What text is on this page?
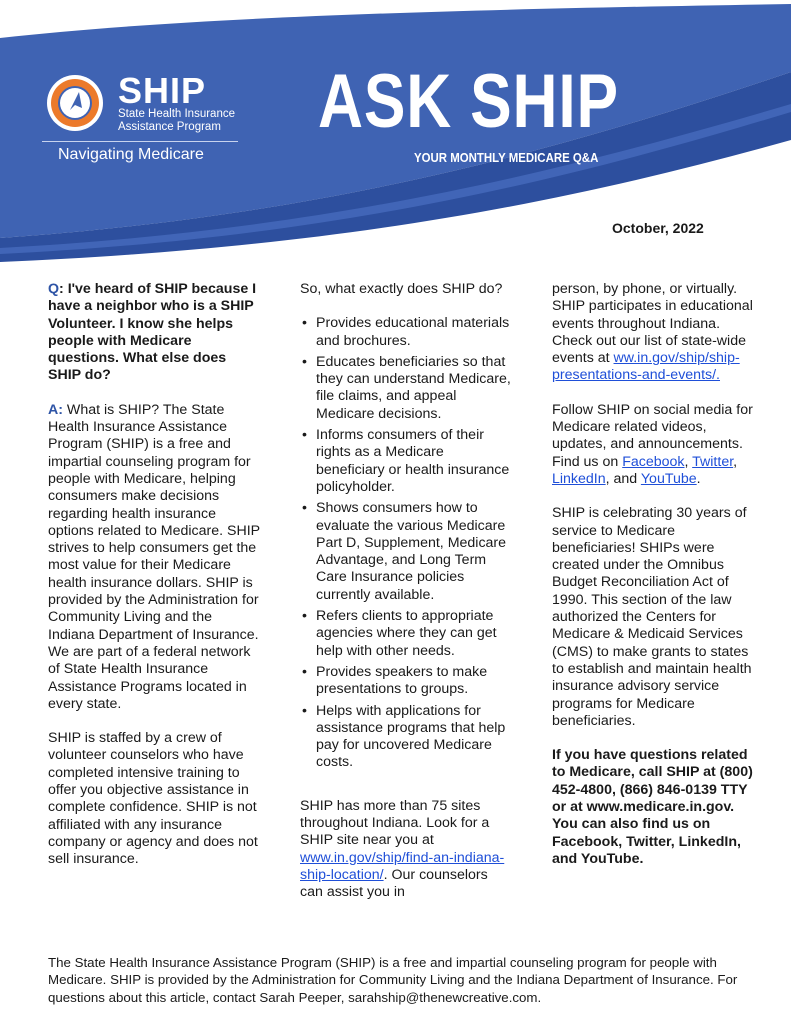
SHIP
State Health Insurance
Assistance Program
Navigating Medicare
ASK SHIP
YOUR MONTHLY MEDICARE Q&A
October, 2022

Q: I've heard of SHIP because I have a neighbor who is a SHIP Volunteer. I know she helps people with Medicare questions. What else does SHIP do?

A: What is SHIP? The State Health Insurance Assistance Program (SHIP) is a free and impartial counseling program for people with Medicare, helping consumers make decisions regarding health insurance options related to Medicare. SHIP strives to help consumers get the most value for their Medicare health insurance dollars. SHIP is provided by the Administration for Community Living and the Indiana Department of Insurance. We are part of a federal network of State Health Insurance Assistance Programs located in every state.

SHIP is staffed by a crew of volunteer counselors who have completed intensive training to offer you objective assistance in complete confidence. SHIP is not affiliated with any insurance company or agency and does not sell insurance.

So, what exactly does SHIP do?

• Provides educational materials and brochures.
• Educates beneficiaries so that they can understand Medicare, file claims, and appeal Medicare decisions.
• Informs consumers of their rights as a Medicare beneficiary or health insurance policyholder.
• Shows consumers how to evaluate the various Medicare Part D, Supplement, Medicare Advantage, and Long Term Care Insurance policies currently available.
• Refers clients to appropriate agencies where they can get help with other needs.
• Provides speakers to make presentations to groups.
• Helps with applications for assistance programs that help pay for uncovered Medicare costs.

SHIP has more than 75 sites throughout Indiana. Look for a SHIP site near you at www.in.gov/ship/find-an-indiana-ship-location/. Our counselors can assist you in

person, by phone, or virtually. SHIP participates in educational events throughout Indiana. Check out our list of state-wide events at ww.in.gov/ship/ship-presentations-and-events/.

Follow SHIP on social media for Medicare related videos, updates, and announcements. Find us on Facebook, Twitter, LinkedIn, and YouTube.

SHIP is celebrating 30 years of service to Medicare beneficiaries! SHIPs were created under the Omnibus Budget Reconciliation Act of 1990. This section of the law authorized the Centers for Medicare & Medicaid Services (CMS) to make grants to states to establish and maintain health insurance advisory service programs for Medicare beneficiaries.

If you have questions related to Medicare, call SHIP at (800) 452-4800, (866) 846-0139 TTY or at www.medicare.in.gov. You can also find us on Facebook, Twitter, LinkedIn, and YouTube.

The State Health Insurance Assistance Program (SHIP) is a free and impartial counseling program for people with Medicare. SHIP is provided by the Administration for Community Living and the Indiana Department of Insurance. For questions about this article, contact Sarah Peeper, sarahship@thenewcreative.com.
